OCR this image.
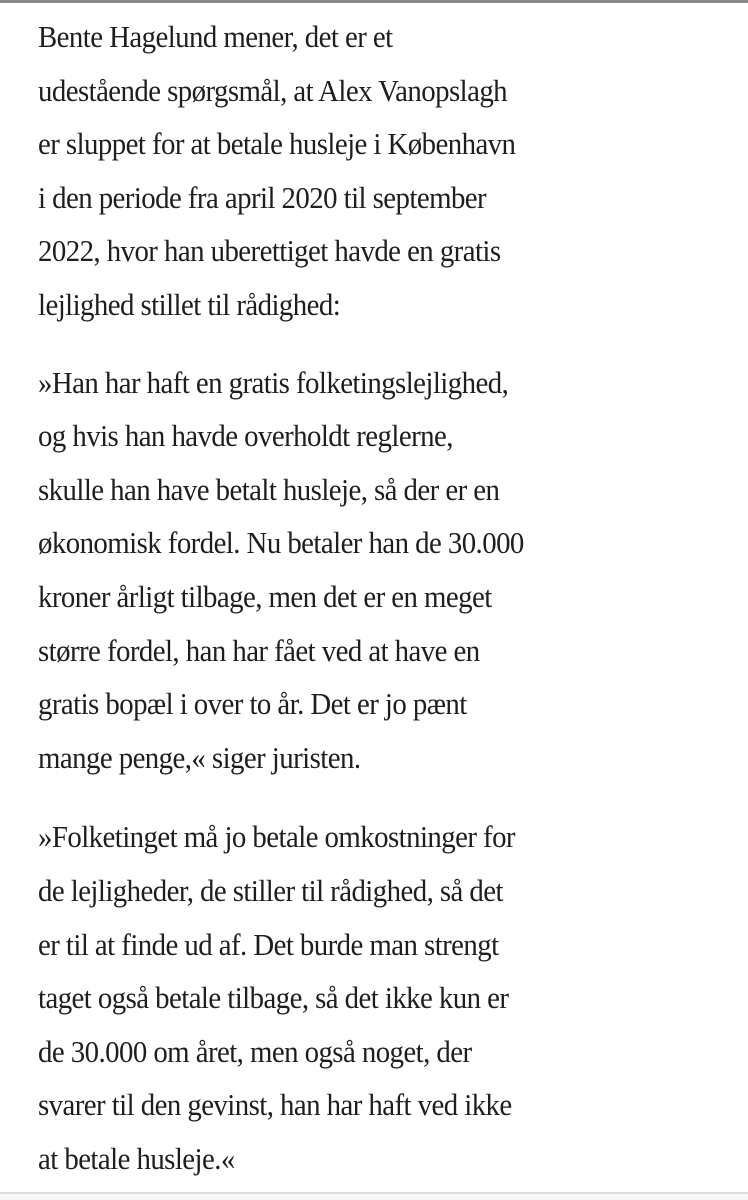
Bente Hagelund mener, det er et
udestående spørgsmål, at Alex Vanopslagh
er sluppet for at betale husleje i København
i den periode fra april 2020 til september
2022, hvor han uberettiget havde en gratis
lejlighed stillet til rådighed:

»Han har haft en gratis folketingslejlighed,
og hvis han havde overholdt reglerne,
skulle han have betalt husleje, så der er en
økonomisk fordel. Nu betaler han de 30.000
kroner årligt tilbage, men det er en meget
større fordel, han har fået ved at have en
gratis bopæl i over to år. Det er jo pænt
mange penge,« siger juristen.

»Folketinget må jo betale omkostninger for
de lejligheder, de stiller til rådighed, så det
er til at finde ud af. Det burde man strengt
taget også betale tilbage, så det ikke kun er
de 30.000 om året, men også noget, der
svarer til den gevinst, han har haft ved ikke
at betale husleje.«
